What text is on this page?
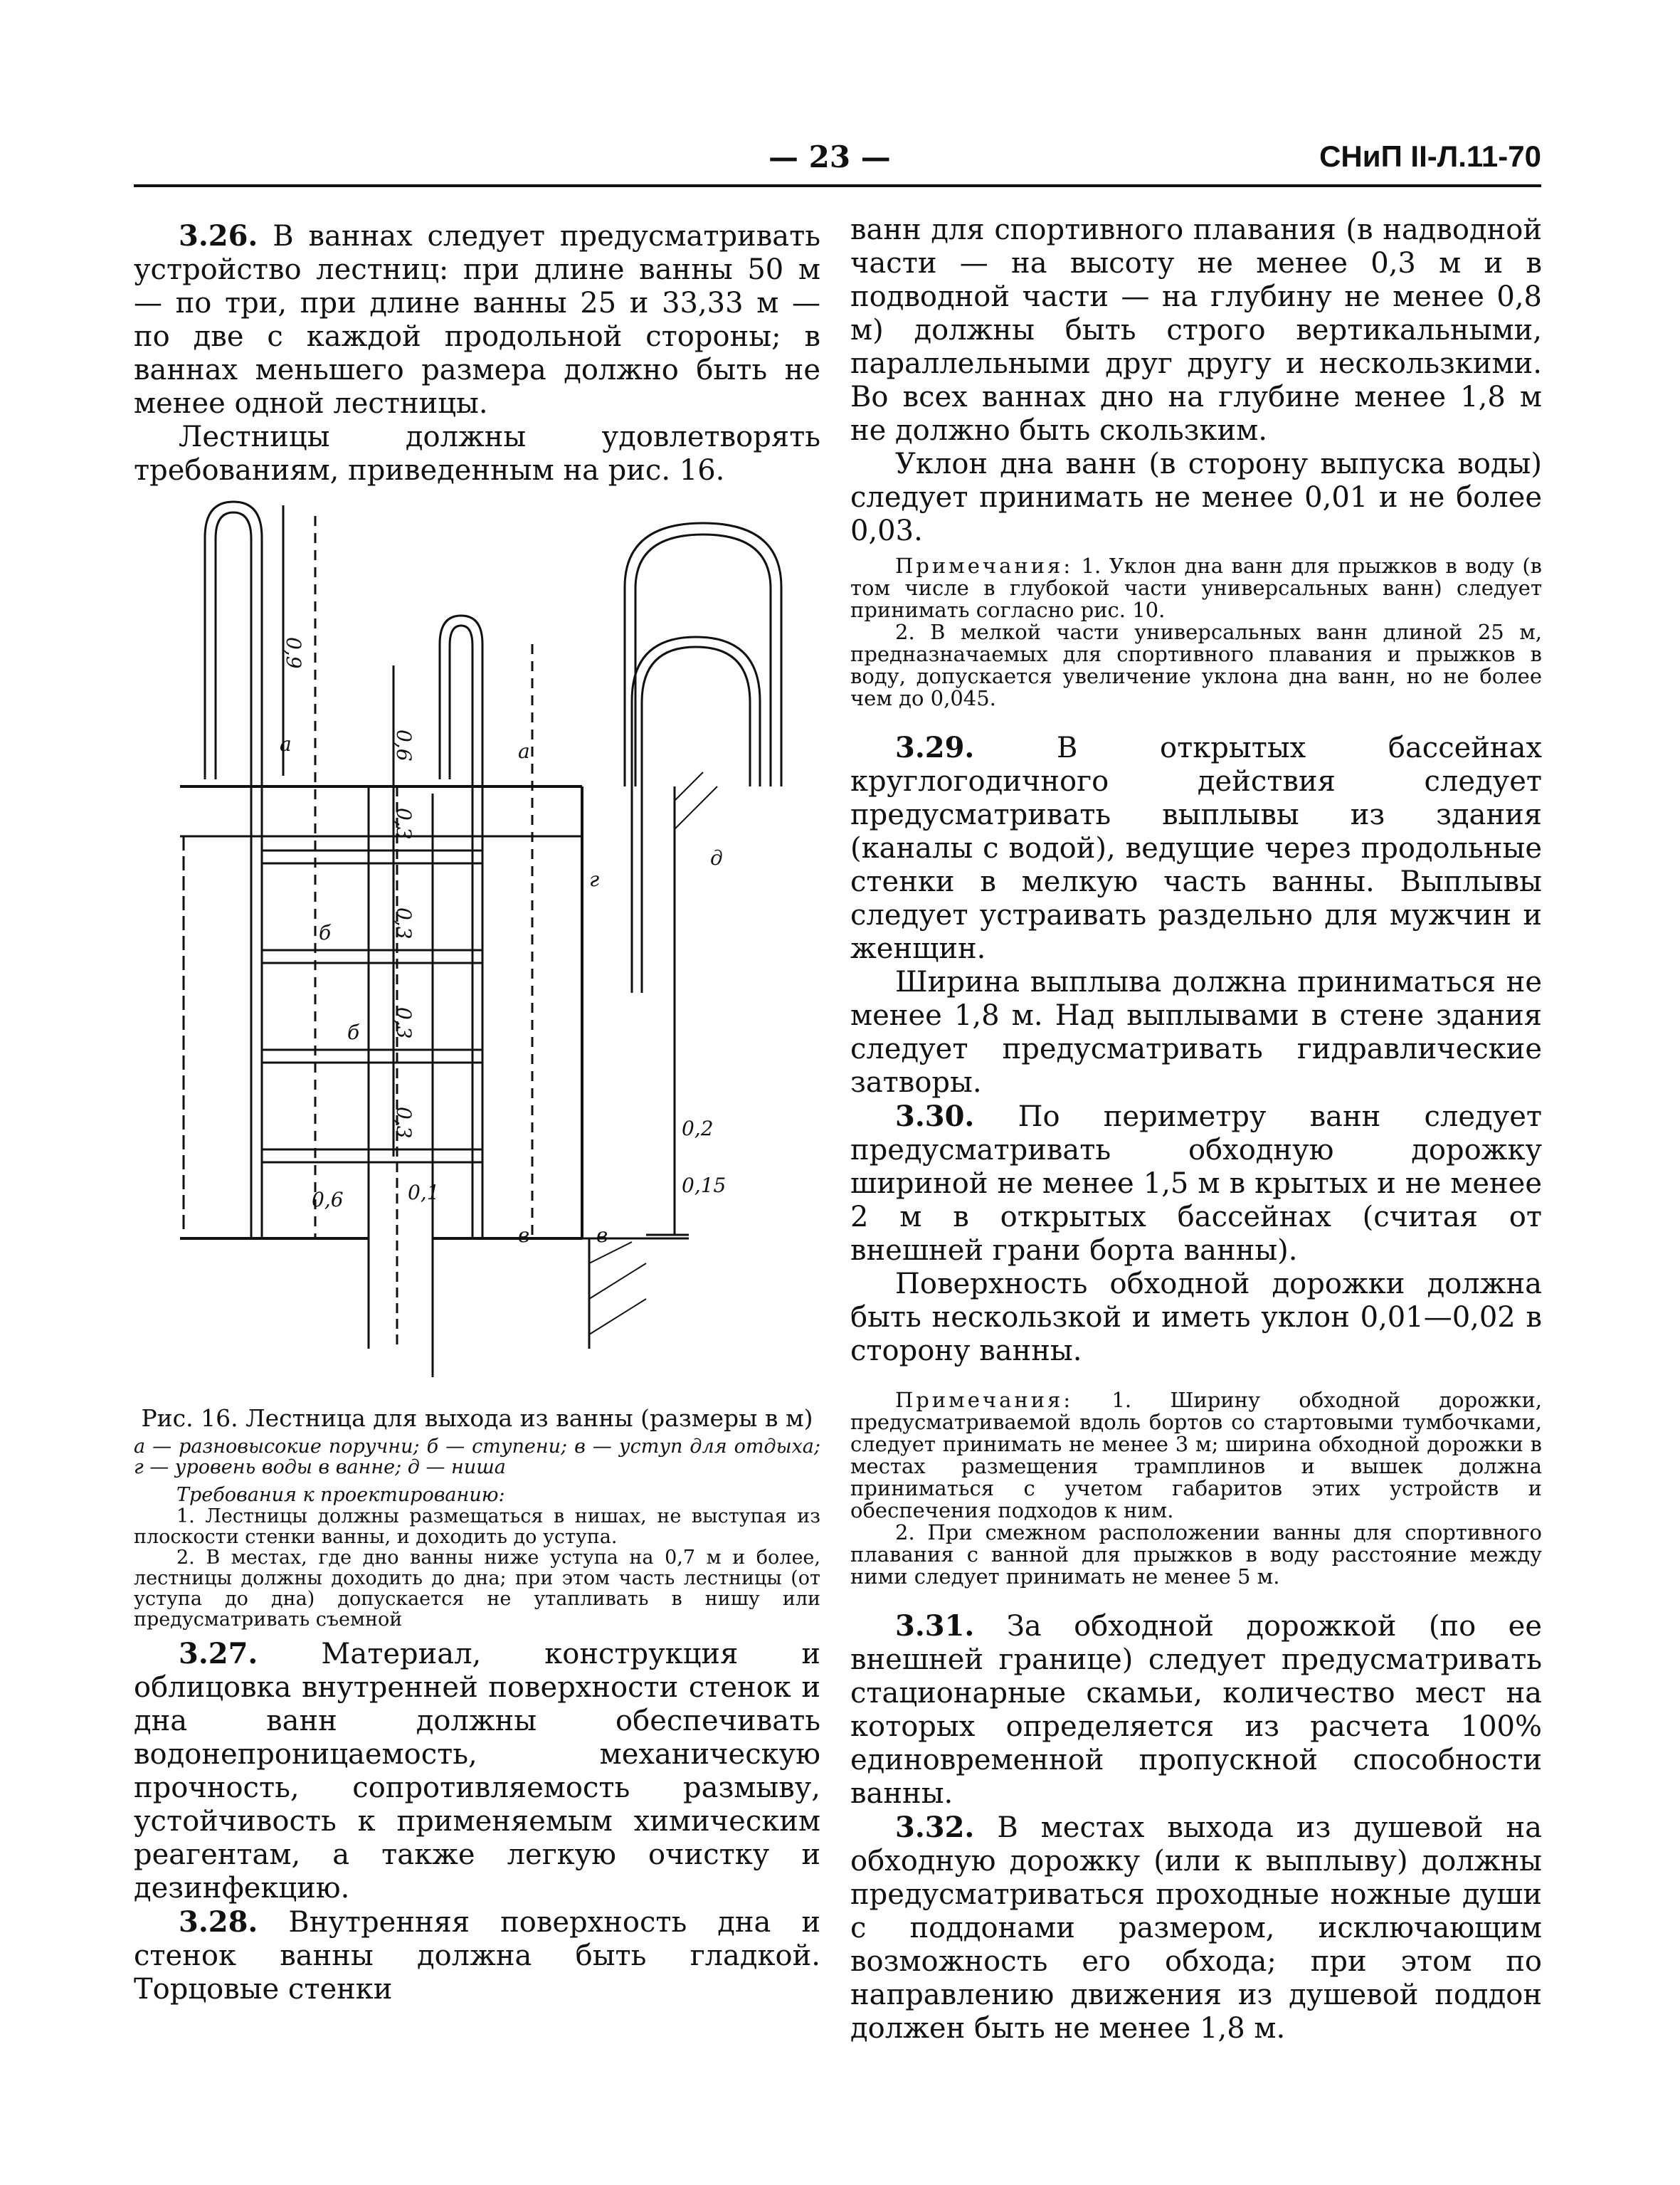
— 23 —	СНиП II-Л.11-70

3.26. В ваннах следует предусматривать устройство лестниц: при длине ванны 50 м — по три, при длине ванны 25 и 33,33 м — по две с каждой продольной стороны; в ваннах меньшего размера должно быть не менее одной лестницы.

Лестницы должны удовлетворять требованиям, приведенным на рис. 16.

0,9
0,6
0,3
0,3
0,3
0,3
0,6	0,1
0,2
0,15
а	а
б
б
в	в
г
д

Рис. 16. Лестница для выхода из ванны (размеры в м)

а — разновысокие поручни; б — ступени; в — уступ для отдыха; г — уровень воды в ванне; д — ниша

Требования к проектированию:

1. Лестницы должны размещаться в нишах, не выступая из плоскости стенки ванны, и доходить до уступа.

2. В местах, где дно ванны ниже уступа на 0,7 м и более, лестницы должны доходить до дна; при этом часть лестницы (от уступа до дна) допускается не утапливать в нишу или предусматривать съемной

3.27. Материал, конструкция и облицовка внутренней поверхности стенок и дна ванн должны обеспечивать водонепроницаемость, механическую прочность, сопротивляемость размыву, устойчивость к применяемым химическим реагентам, а также легкую очистку и дезинфекцию.

3.28. Внутренняя поверхность дна и стенок ванны должна быть гладкой. Торцовые стенки

ванн для спортивного плавания (в надводной части — на высоту не менее 0,3 м и в подводной части — на глубину не менее 0,8 м) должны быть строго вертикальными, параллельными друг другу и нескользкими. Во всех ваннах дно на глубине менее 1,8 м не должно быть скользким.

Уклон дна ванн (в сторону выпуска воды) следует принимать не менее 0,01 и не более 0,03.

Примечания: 1. Уклон дна ванн для прыжков в воду (в том числе в глубокой части универсальных ванн) следует принимать согласно рис. 10.

2. В мелкой части универсальных ванн длиной 25 м, предназначаемых для спортивного плавания и прыжков в воду, допускается увеличение уклона дна ванн, но не более чем до 0,045.

3.29.	В открытых бассейнах круглогодичного действия следует предусматривать выплывы из здания (каналы с водой), ведущие через продольные стенки в мелкую часть ванны. Выплывы следует устраивать раздельно для мужчин и женщин.

Ширина выплыва должна приниматься не менее 1,8 м. Над выплывами в стене здания следует предусматривать гидравлические затворы.

3.30. По периметру ванн следует предусматривать обходную дорожку шириной не менее 1,5 м в крытых и не менее 2 м в открытых бассейнах (считая от внешней грани борта ванны).

Поверхность обходной дорожки должна быть нескользкой и иметь уклон 0,01—0,02 в сторону ванны.

Примечания: 1. Ширину обходной дорожки, предусматриваемой вдоль бортов со стартовыми тумбочками, следует принимать не менее 3 м; ширина обходной дорожки в местах размещения трамплинов и вышек должна приниматься с учетом габаритов этих устройств и обеспечения подходов к ним.

2. При смежном расположении ванны для спортивного плавания с ванной для прыжков в воду расстояние между ними следует принимать не менее 5 м.

3.31. За обходной дорожкой (по ее внешней границе) следует предусматривать стационарные скамьи, количество мест на которых определяется из расчета 100% единовременной пропускной способности ванны.

3.32. В местах выхода из душевой на обходную дорожку (или к выплыву) должны предусматриваться проходные ножные души с поддонами размером, исключающим возможность его обхода; при этом по направлению движения из душевой поддон должен быть не менее 1,8 м.
